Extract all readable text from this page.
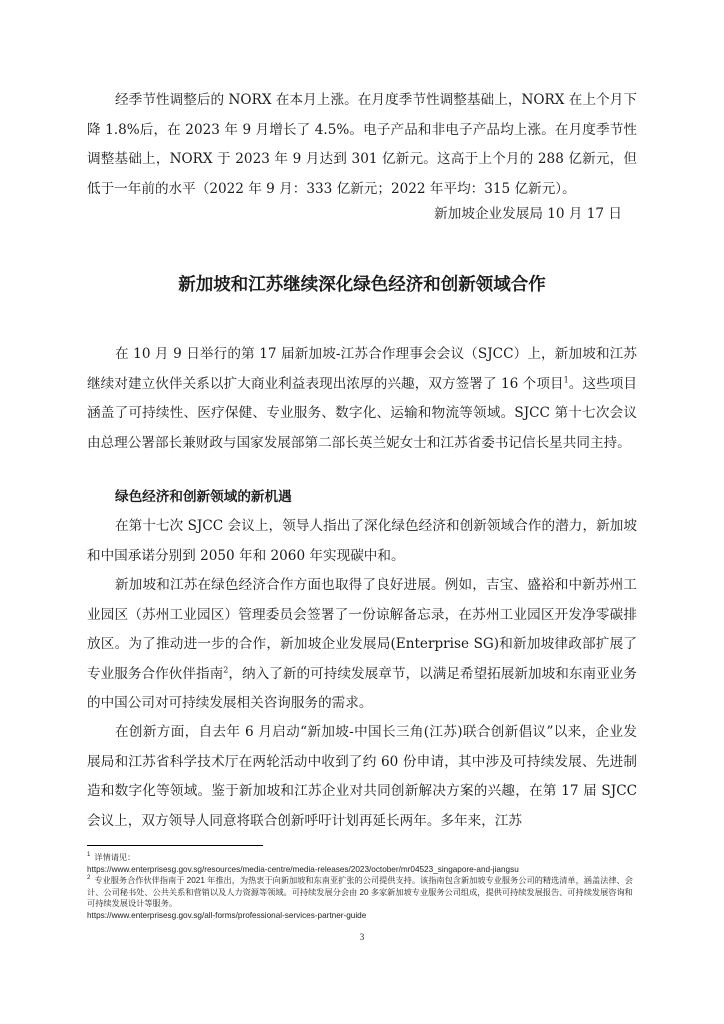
经季节性调整后的 NORX 在本月上涨。在月度季节性调整基础上，NORX 在上个月下降 1.8%后，在 2023 年 9 月增长了 4.5%。电子产品和非电子产品均上涨。在月度季节性调整基础上，NORX 于 2023 年 9 月达到 301 亿新元。这高于上个月的 288 亿新元，但低于一年前的水平（2022 年 9 月：333 亿新元；2022 年平均：315 亿新元）。

新加坡企业发展局 10 月 17 日

新加坡和江苏继续深化绿色经济和创新领域合作

在 10 月 9 日举行的第 17 届新加坡-江苏合作理事会会议（SJCC）上，新加坡和江苏继续对建立伙伴关系以扩大商业利益表现出浓厚的兴趣，双方签署了 16 个项目$^1$。这些项目涵盖了可持续性、医疗保健、专业服务、数字化、运输和物流等领域。SJCC 第十七次会议由总理公署部长兼财政与国家发展部第二部长英兰妮女士和江苏省委书记信长星共同主持。

绿色经济和创新领域的新机遇

在第十七次 SJCC 会议上，领导人指出了深化绿色经济和创新领域合作的潜力，新加坡和中国承诺分别到 2050 年和 2060 年实现碳中和。

新加坡和江苏在绿色经济合作方面也取得了良好进展。例如，吉宝、盛裕和中新苏州工业园区（苏州工业园区）管理委员会签署了一份谅解备忘录，在苏州工业园区开发净零碳排放区。为了推动进一步的合作，新加坡企业发展局(Enterprise SG)和新加坡律政部扩展了专业服务合作伙伴指南$^2$，纳入了新的可持续发展章节，以满足希望拓展新加坡和东南亚业务的中国公司对可持续发展相关咨询服务的需求。

在创新方面，自去年 6 月启动“新加坡-中国长三角(江苏)联合创新倡议”以来，企业发展局和江苏省科学技术厅在两轮活动中收到了约 60 份申请，其中涉及可持续发展、先进制造和数字化等领域。鉴于新加坡和江苏企业对共同创新解决方案的兴趣，在第 17 届 SJCC 会议上，双方领导人同意将联合创新呼吁计划再延长两年。多年来，江苏

$^1$ 详情请见：

https://www.enterprisesg.gov.sg/resources/media-centre/media-releases/2023/october/mr04523_singapore-and-jiangsu

$^2$ 专业服务合作伙伴指南于 2021 年推出，为热衷于向新加坡和东南亚扩张的公司提供支持。该指南包含新加坡专业服务公司的精选清单，涵盖法律、会计、公司秘书处、公共关系和营销以及人力资源等领域。可持续发展分会由 20 多家新加坡专业服务公司组成，提供可持续发展报告、可持续发展咨询和可持续发展设计等服务。

https://www.enterprisesg.gov.sg/all-forms/professional-services-partner-guide

3
